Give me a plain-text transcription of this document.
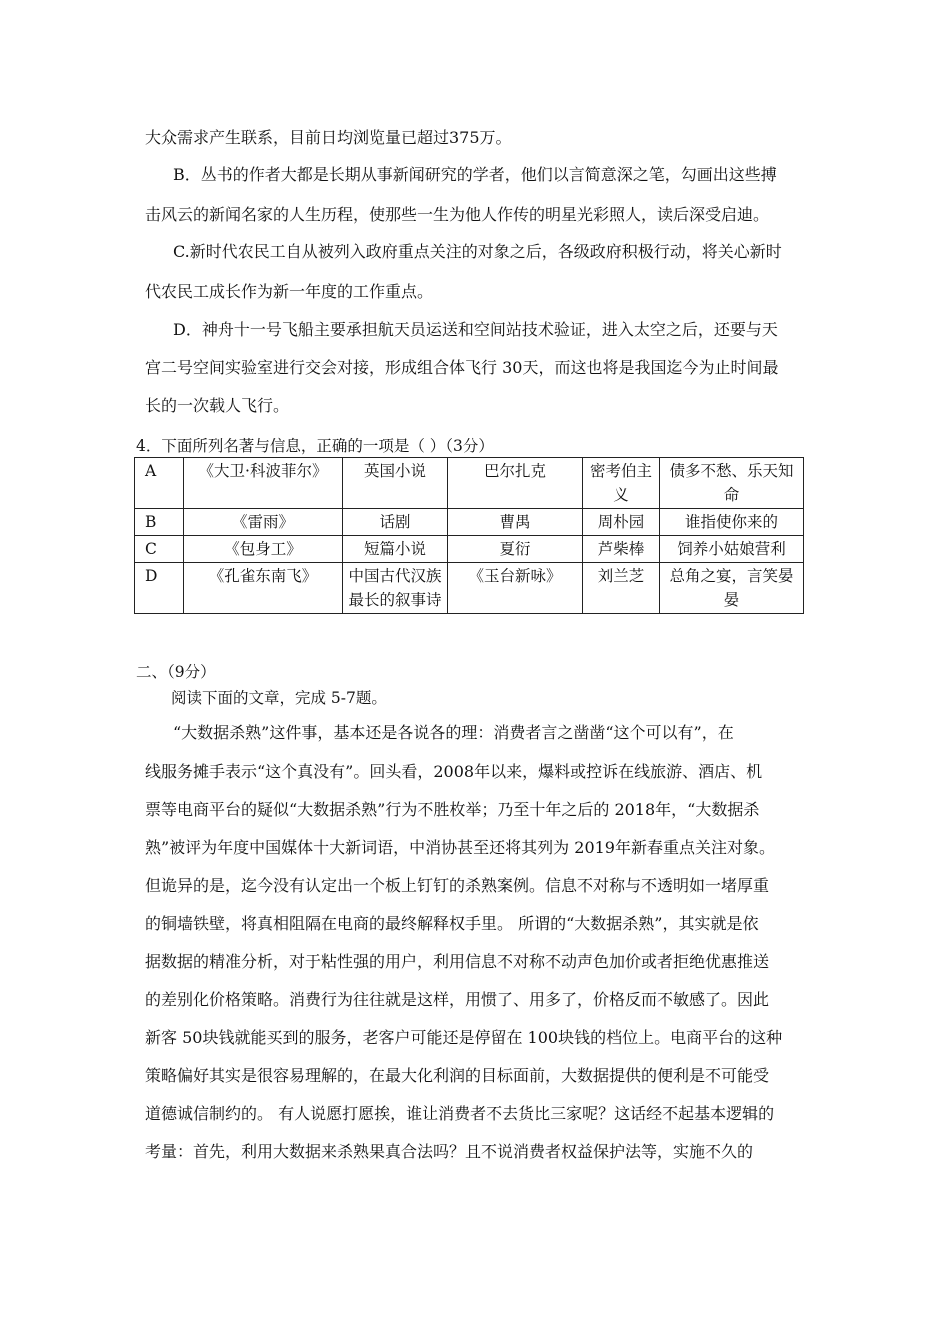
大众需求产生联系，目前日均浏览量已超过375万。
B．丛书的作者大都是长期从事新闻研究的学者，他们以言简意深之笔，勾画出这些搏
击风云的新闻名家的人生历程，使那些一生为他人作传的明星光彩照人，读后深受启迪。
C.新时代农民工自从被列入政府重点关注的对象之后，各级政府积极行动，将关心新时
代农民工成长作为新一年度的工作重点。
D．神舟十一号飞船主要承担航天员运送和空间站技术验证，进入太空之后，还要与天
宫二号空间实验室进行交会对接，形成组合体飞行 30天，而这也将是我国迄今为止时间最
长的一次载人飞行。
4．下面所列名著与信息，正确的一项是（ ）（3分）
A	《大卫·科波菲尔》	英国小说	巴尔扎克	密考伯主义	债多不愁、乐天知命
B	《雷雨》	话剧	曹禺	周朴园	谁指使你来的
C	《包身工》	短篇小说	夏衍	芦柴棒	饲养小姑娘营利
D	《孔雀东南飞》	中国古代汉族最长的叙事诗	《玉台新咏》	刘兰芝	总角之宴，言笑晏晏
二、（9分）
阅读下面的文章，完成 5-7题。
“大数据杀熟”这件事，基本还是各说各的理：消费者言之凿凿“这个可以有”，在
线服务摊手表示“这个真没有”。回头看，2008年以来，爆料或控诉在线旅游、酒店、机
票等电商平台的疑似“大数据杀熟”行为不胜枚举；乃至十年之后的 2018年，“大数据杀
熟”被评为年度中国媒体十大新词语，中消协甚至还将其列为 2019年新春重点关注对象。
但诡异的是，迄今没有认定出一个板上钉钉的杀熟案例。信息不对称与不透明如一堵厚重
的铜墙铁壁，将真相阻隔在电商的最终解释权手里。 所谓的“大数据杀熟”，其实就是依
据数据的精准分析，对于粘性强的用户，利用信息不对称不动声色加价或者拒绝优惠推送
的差别化价格策略。消费行为往往就是这样，用惯了、用多了，价格反而不敏感了。因此
新客 50块钱就能买到的服务，老客户可能还是停留在 100块钱的档位上。电商平台的这种
策略偏好其实是很容易理解的，在最大化利润的目标面前，大数据提供的便利是不可能受
道德诚信制约的。 有人说愿打愿挨，谁让消费者不去货比三家呢？这话经不起基本逻辑的
考量：首先，利用大数据来杀熟果真合法吗？且不说消费者权益保护法等，实施不久的
